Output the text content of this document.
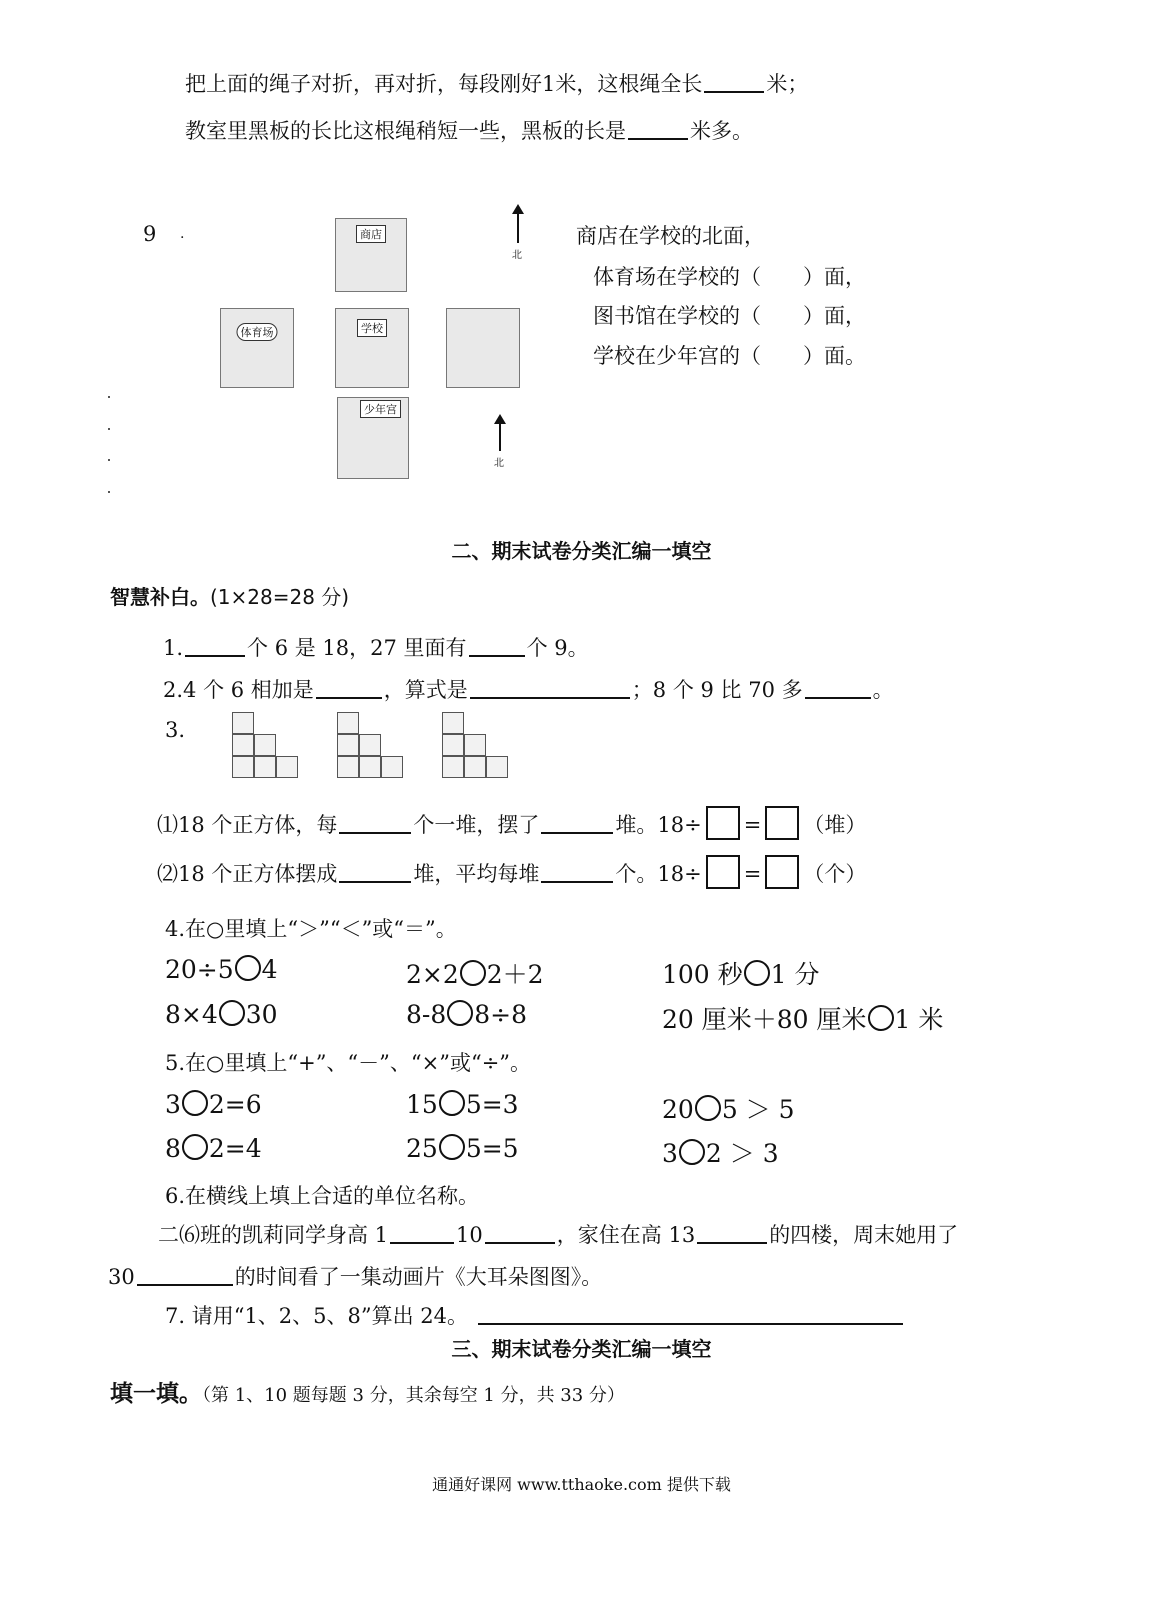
把上面的绳子对折，再对折，每段刚好1米，这根绳全长	米；
教室里黑板的长比这根绳稍短一些，黑板的长是	米多。
9 .	商店
学校
体育场
少年宫
北
北
商店在学校的北面，
体育场在学校的（　　）面，
图书馆在学校的（　　）面，
学校在少年宫的（　　）面。
二、期末试卷分类汇编一填空
智慧补白。(1×28=28 分)
1.	个 6 是 18，27 里面有	个 9。
2.4 个 6 相加是	，算式是	；8 个 9 比 70 多	。
3.
⑴18 个正方体，每	个一堆，摆了	堆。18÷ = （堆）
⑵18 个正方体摆成	堆，平均每堆	个。18÷ = （个）
4.在○里填上“＞”“＜”或“＝”。
20÷5 4	2×2 2＋2	100 秒 1 分
8×4 30	8-8 8÷8	20 厘米＋80 厘米 1 米
5.在○里填上“+”、“－”、“×”或“÷”。
3 2=6	15 5=3	20 5 ＞ 5
8 2=4	25 5=5	3 2 ＞ 3
6.在横线上填上合适的单位名称。
二⑹班的凯莉同学身高 1	10	，家住在高 13	的四楼，周末她用了
30	的时间看了一集动画片《大耳朵图图》。
7. 请用“1、2、5、8”算出 24。
三、期末试卷分类汇编一填空
填一填。（第 1、10 题每题 3 分，其余每空 1 分，共 33 分）
通通好课网 www.tthaoke.com 提供下载
